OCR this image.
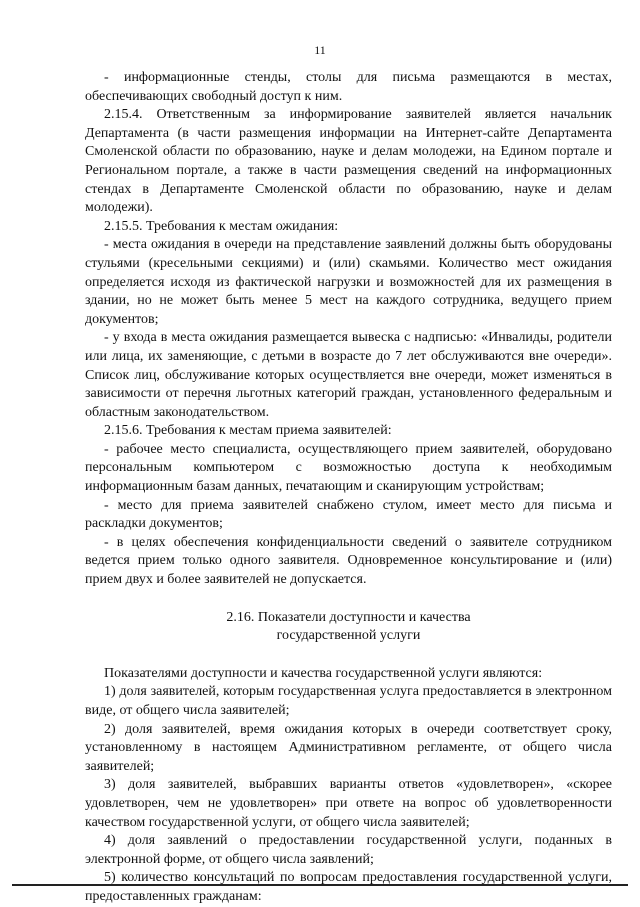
11

- информационные стенды, столы для письма размещаются в местах, обеспечивающих свободный доступ к ним.

2.15.4. Ответственным за информирование заявителей является начальник Департамента (в части размещения информации на Интернет-сайте Департамента Смоленской области по образованию, науке и делам молодежи, на Едином портале и Региональном портале, а также в части размещения сведений на информационных стендах в Департаменте Смоленской области по образованию, науке и делам молодежи).

2.15.5. Требования к местам ожидания:

- места ожидания в очереди на представление заявлений должны быть оборудованы стульями (кресельными секциями) и (или) скамьями. Количество мест ожидания определяется исходя из фактической нагрузки и возможностей для их размещения в здании, но не может быть менее 5 мест на каждого сотрудника, ведущего прием документов;

- у входа в места ожидания размещается вывеска с надписью: «Инвалиды, родители или лица, их заменяющие, с детьми в возрасте до 7 лет обслуживаются вне очереди». Список лиц, обслуживание которых осуществляется вне очереди, может изменяться в зависимости от перечня льготных категорий граждан, установленного федеральным и областным законодательством.

2.15.6. Требования к местам приема заявителей:

- рабочее место специалиста, осуществляющего прием заявителей, оборудовано персональным компьютером с возможностью доступа к необходимым информационным базам данных, печатающим и сканирующим устройствам;

- место для приема заявителей снабжено стулом, имеет место для письма и раскладки документов;

- в целях обеспечения конфиденциальности сведений о заявителе сотрудником ведется прием только одного заявителя. Одновременное консультирование и (или) прием двух и более заявителей не допускается.

2.16. Показатели доступности и качества
государственной услуги

Показателями доступности и качества государственной услуги являются:

1) доля заявителей, которым государственная услуга предоставляется в электронном виде, от общего числа заявителей;

2) доля заявителей, время ожидания которых в очереди соответствует сроку, установленному в настоящем Административном регламенте, от общего числа заявителей;

3) доля заявителей, выбравших варианты ответов «удовлетворен», «скорее удовлетворен, чем не удовлетворен» при ответе на вопрос об удовлетворенности качеством государственной услуги, от общего числа заявителей;

4) доля заявлений о предоставлении государственной услуги, поданных в электронной форме, от общего числа заявлений;

5) количество консультаций по вопросам предоставления государственной услуги, предоставленных гражданам:
